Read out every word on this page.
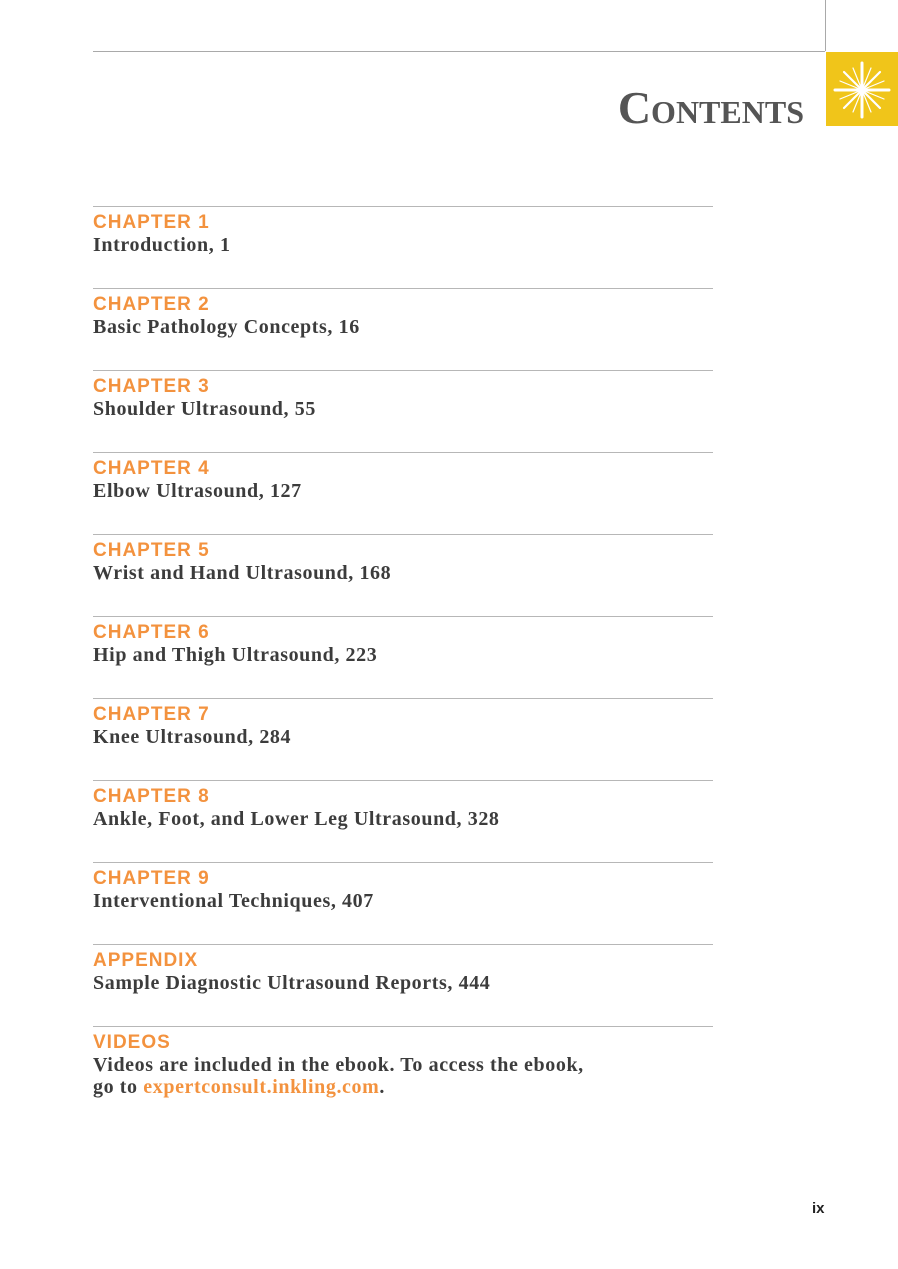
Contents
CHAPTER 1
Introduction, 1
CHAPTER 2
Basic Pathology Concepts, 16
CHAPTER 3
Shoulder Ultrasound, 55
CHAPTER 4
Elbow Ultrasound, 127
CHAPTER 5
Wrist and Hand Ultrasound, 168
CHAPTER 6
Hip and Thigh Ultrasound, 223
CHAPTER 7
Knee Ultrasound, 284
CHAPTER 8
Ankle, Foot, and Lower Leg Ultrasound, 328
CHAPTER 9
Interventional Techniques, 407
APPENDIX
Sample Diagnostic Ultrasound Reports, 444
VIDEOS
Videos are included in the ebook. To access the ebook,
go to expertconsult.inkling.com.
ix
